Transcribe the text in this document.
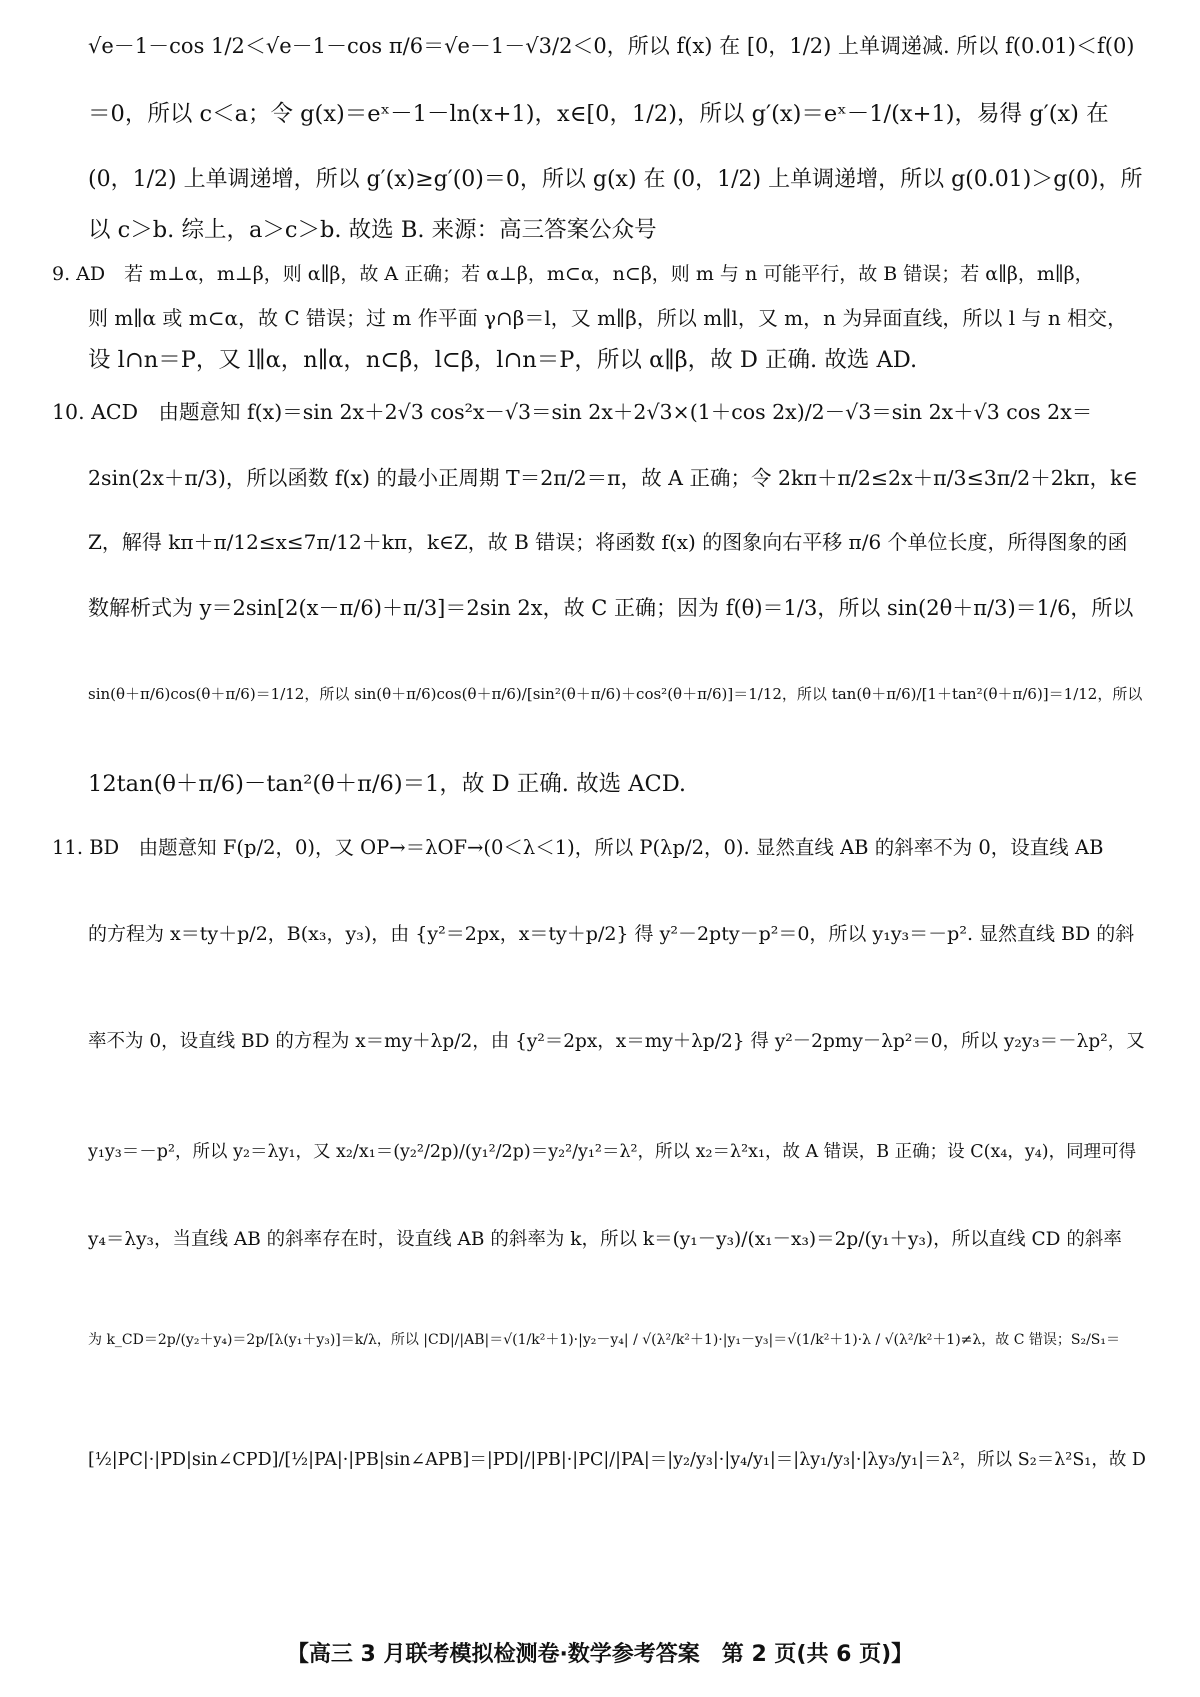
√e－1－cos 1/2＜√e－1－cos π/6＝√e－1－√3/2＜0，所以 f(x) 在 [0，1/2) 上单调递减. 所以 f(0.01)＜f(0)
＝0，所以 c＜a；令 g(x)＝eˣ－1－ln(x+1)，x∈[0，1/2)，所以 g′(x)＝eˣ－1/(x+1)，易得 g′(x) 在
(0，1/2) 上单调递增，所以 g′(x)≥g′(0)＝0，所以 g(x) 在 (0，1/2) 上单调递增，所以 g(0.01)＞g(0)，所
以 c＞b. 综上，a＞c＞b. 故选 B. 来源：高三答案公众号
9. AD　若 m⊥α，m⊥β，则 α∥β，故 A 正确；若 α⊥β，m⊂α，n⊂β，则 m 与 n 可能平行，故 B 错误；若 α∥β，m∥β，
则 m∥α 或 m⊂α，故 C 错误；过 m 作平面 γ∩β＝l，又 m∥β，所以 m∥l，又 m，n 为异面直线，所以 l 与 n 相交，
设 l∩n＝P，又 l∥α，n∥α，n⊂β，l⊂β，l∩n＝P，所以 α∥β，故 D 正确. 故选 AD.
10. ACD　由题意知 f(x)＝sin 2x＋2√3 cos²x－√3＝sin 2x＋2√3×(1＋cos 2x)/2－√3＝sin 2x＋√3 cos 2x＝
2sin(2x＋π/3)，所以函数 f(x) 的最小正周期 T＝2π/2＝π，故 A 正确；令 2kπ＋π/2≤2x＋π/3≤3π/2＋2kπ，k∈
Z，解得 kπ＋π/12≤x≤7π/12＋kπ，k∈Z，故 B 错误；将函数 f(x) 的图象向右平移 π/6 个单位长度，所得图象的函
数解析式为 y＝2sin[2(x－π/6)＋π/3]＝2sin 2x，故 C 正确；因为 f(θ)＝1/3，所以 sin(2θ＋π/3)＝1/6，所以
sin(θ＋π/6)cos(θ＋π/6)＝1/12，所以 sin(θ＋π/6)cos(θ＋π/6)/[sin²(θ＋π/6)＋cos²(θ＋π/6)]＝1/12，所以 tan(θ＋π/6)/[1＋tan²(θ＋π/6)]＝1/12，所以
12tan(θ＋π/6)－tan²(θ＋π/6)＝1，故 D 正确. 故选 ACD.
11. BD　由题意知 F(p/2，0)，又 OP→＝λOF→(0＜λ＜1)，所以 P(λp/2，0). 显然直线 AB 的斜率不为 0，设直线 AB
的方程为 x＝ty＋p/2，B(x₃，y₃)，由 {y²＝2px，x＝ty＋p/2} 得 y²－2pty－p²＝0，所以 y₁y₃＝－p². 显然直线 BD 的斜
率不为 0，设直线 BD 的方程为 x＝my＋λp/2，由 {y²＝2px，x＝my＋λp/2} 得 y²－2pmy－λp²＝0，所以 y₂y₃＝－λp²，又
y₁y₃＝－p²，所以 y₂＝λy₁，又 x₂/x₁＝(y₂²/2p)/(y₁²/2p)＝y₂²/y₁²＝λ²，所以 x₂＝λ²x₁，故 A 错误，B 正确；设 C(x₄，y₄)，同理可得
y₄＝λy₃，当直线 AB 的斜率存在时，设直线 AB 的斜率为 k，所以 k＝(y₁－y₃)/(x₁－x₃)＝2p/(y₁＋y₃)，所以直线 CD 的斜率
为 k_CD＝2p/(y₂＋y₄)＝2p/[λ(y₁＋y₃)]＝k/λ，所以 |CD|/|AB|＝√(1/k²＋1)·|y₂－y₄| / √(λ²/k²＋1)·|y₁－y₃|＝√(1/k²＋1)·λ / √(λ²/k²＋1)≠λ，故 C 错误；S₂/S₁＝
[½|PC|·|PD|sin∠CPD]/[½|PA|·|PB|sin∠APB]＝|PD|/|PB|·|PC|/|PA|＝|y₂/y₃|·|y₄/y₁|＝|λy₁/y₃|·|λy₃/y₁|＝λ²，所以 S₂＝λ²S₁，故 D
【高三 3 月联考模拟检测卷·数学参考答案　第 2 页(共 6 页)】
